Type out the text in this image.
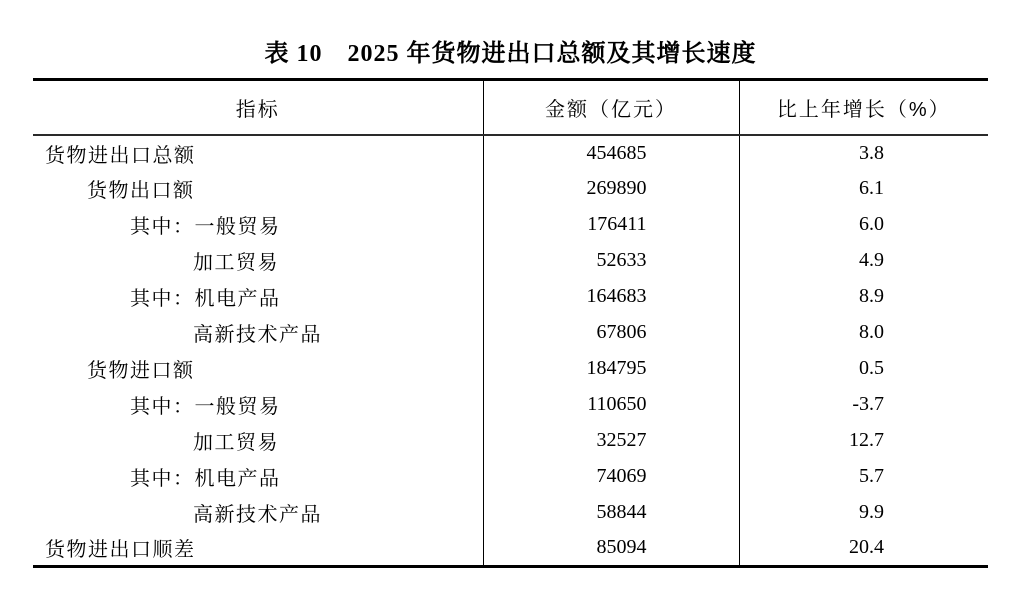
表 10　2025 年货物进出口总额及其增长速度
指标	金额（亿元）	比上年增长（%）
货物进出口总额	454685	3.8
货物出口额	269890	6.1
其中：一般贸易	176411	6.0
加工贸易	52633	4.9
其中：机电产品	164683	8.9
高新技术产品	67806	8.0
货物进口额	184795	0.5
其中：一般贸易	110650	-3.7
加工贸易	32527	12.7
其中：机电产品	74069	5.7
高新技术产品	58844	9.9
货物进出口顺差	85094	20.4
